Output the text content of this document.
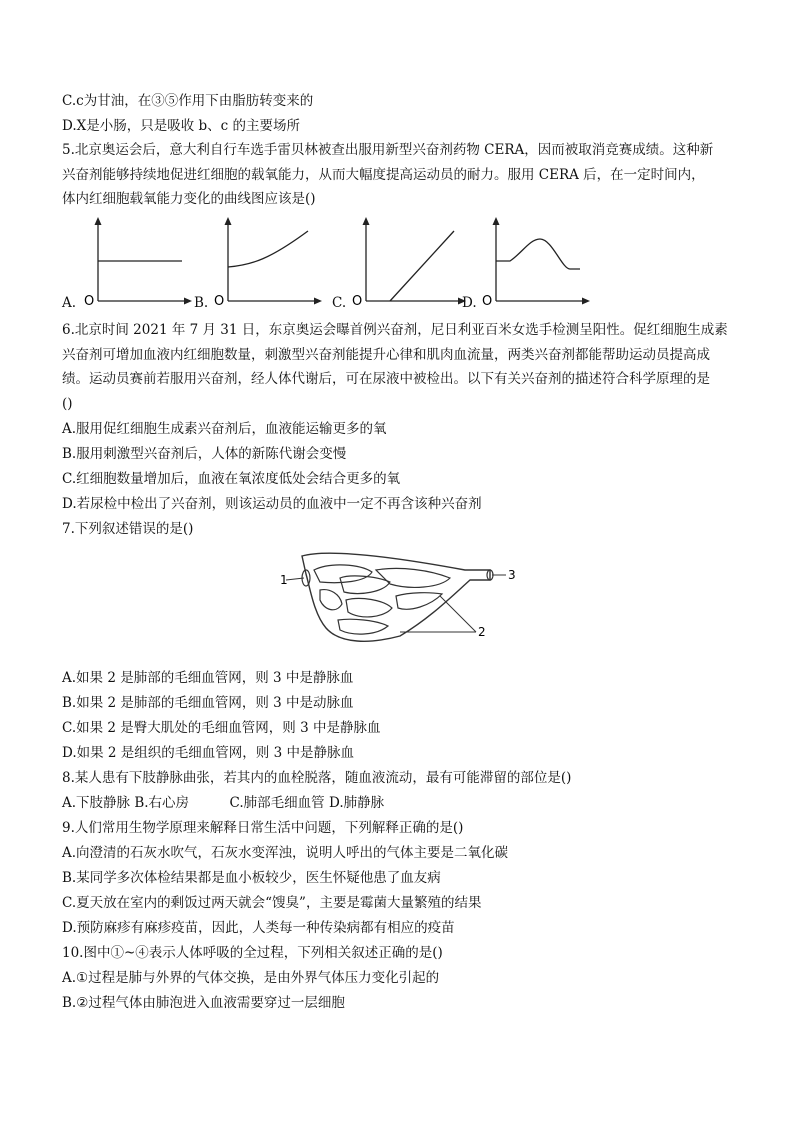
C.c为甘油，在③⑤作用下由脂肪转变来的
D.X是小肠，只是吸收 b、c 的主要场所
5.北京奥运会后，意大利自行车选手雷贝林被查出服用新型兴奋剂药物 CERA，因而被取消竞赛成绩。这种新
兴奋剂能够持续地促进红细胞的载氧能力，从而大幅度提高运动员的耐力。服用 CERA 后，在一定时间内，
体内红细胞载氧能力变化的曲线图应该是()
A. O	B. O	C. O	D. O
6.北京时间 2021 年 7 月 31 日，东京奥运会曝首例兴奋剂，尼日利亚百米女选手检测呈阳性。促红细胞生成素
兴奋剂可增加血液内红细胞数量，刺激型兴奋剂能提升心律和肌肉血流量，两类兴奋剂都能帮助运动员提高成
绩。运动员赛前若服用兴奋剂，经人体代谢后，可在尿液中被检出。以下有关兴奋剂的描述符合科学原理的是
()
A.服用促红细胞生成素兴奋剂后，血液能运输更多的氧
B.服用刺激型兴奋剂后，人体的新陈代谢会变慢
C.红细胞数量增加后，血液在氧浓度低处会结合更多的氧
D.若尿检中检出了兴奋剂，则该运动员的血液中一定不再含该种兴奋剂
7.下列叙述错误的是()
1
2
3
A.如果 2 是肺部的毛细血管网，则 3 中是静脉血
B.如果 2 是肺部的毛细血管网，则 3 中是动脉血
C.如果 2 是臀大肌处的毛细血管网，则 3 中是静脉血
D.如果 2 是组织的毛细血管网，则 3 中是静脉血
8.某人患有下肢静脉曲张，若其内的血栓脱落，随血液流动，最有可能滞留的部位是()
A.下肢静脉 B.右心房　　　C.肺部毛细血管 D.肺静脉
9.人们常用生物学原理来解释日常生活中问题，下列解释正确的是()
A.向澄清的石灰水吹气，石灰水变浑浊，说明人呼出的气体主要是二氧化碳
B.某同学多次体检结果都是血小板较少，医生怀疑他患了血友病
C.夏天放在室内的剩饭过两天就会“馊臭”，主要是霉菌大量繁殖的结果
D.预防麻疹有麻疹疫苗，因此，人类每一种传染病都有相应的疫苗
10.图中①~④表示人体呼吸的全过程，下列相关叙述正确的是()
A.①过程是肺与外界的气体交换，是由外界气体压力变化引起的
B.②过程气体由肺泡进入血液需要穿过一层细胞
